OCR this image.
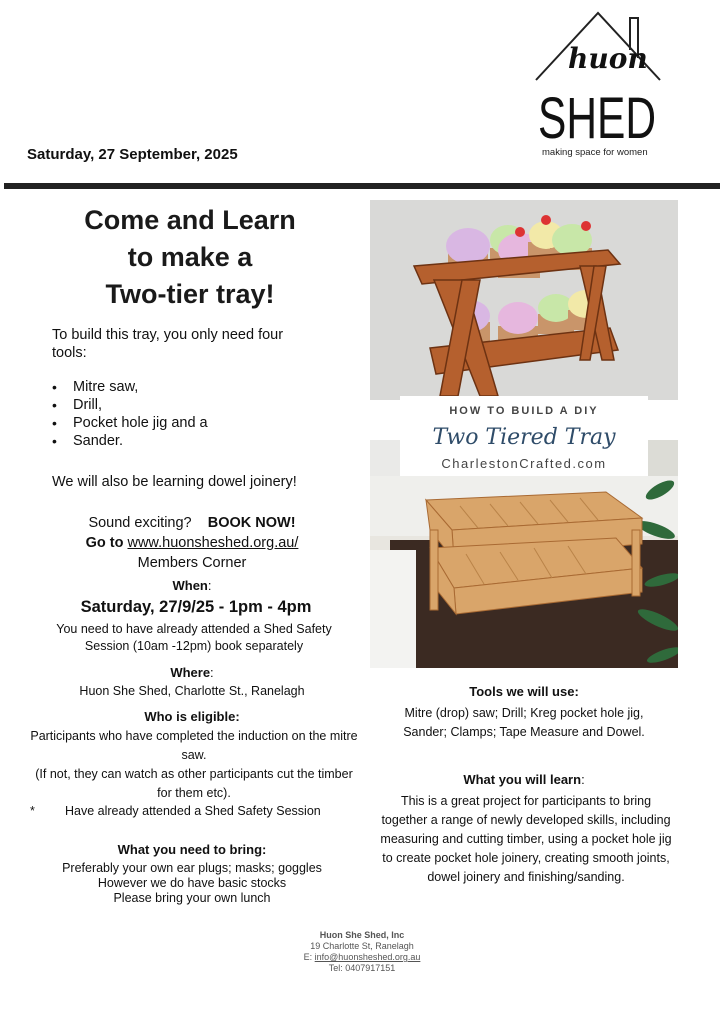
Saturday, 27 September, 2025
huon
SHED
making space for women
Come and Learn
to make a
Two-tier tray!
To build this tray, you only need four tools:
• Mitre saw,
• Drill,
• Pocket hole jig and a
• Sander.
We will also be learning dowel joinery!
Sound exciting? BOOK NOW!
Go to www.huonsheshed.org.au/
Members Corner
When:
Saturday, 27/9/25 - 1pm - 4pm
You need to have already attended a Shed Safety Session (10am -12pm) book separately
Where:
Huon She Shed, Charlotte St., Ranelagh
Who is eligible:
Participants who have completed the induction on the mitre saw.
(If not, they can watch as other participants cut the timber for them etc).
* Have already attended a Shed Safety Session
What you need to bring:
Preferably your own ear plugs; masks; goggles
However we do have basic stocks
Please bring your own lunch
HOW TO BUILD A DIY
Two Tiered Tray
CharlestonCrafted.com
Tools we will use:
Mitre (drop) saw; Drill; Kreg pocket hole jig, Sander; Clamps; Tape Measure and Dowel.
What you will learn:
This is a great project for participants to bring together a range of newly developed skills, including measuring and cutting timber, using a pocket hole jig to create pocket hole joinery, creating smooth joints, dowel joinery and finishing/sanding.
Huon She Shed, Inc
19 Charlotte St, Ranelagh
E: info@huonsheshed.org.au
Tel: 0407917151
